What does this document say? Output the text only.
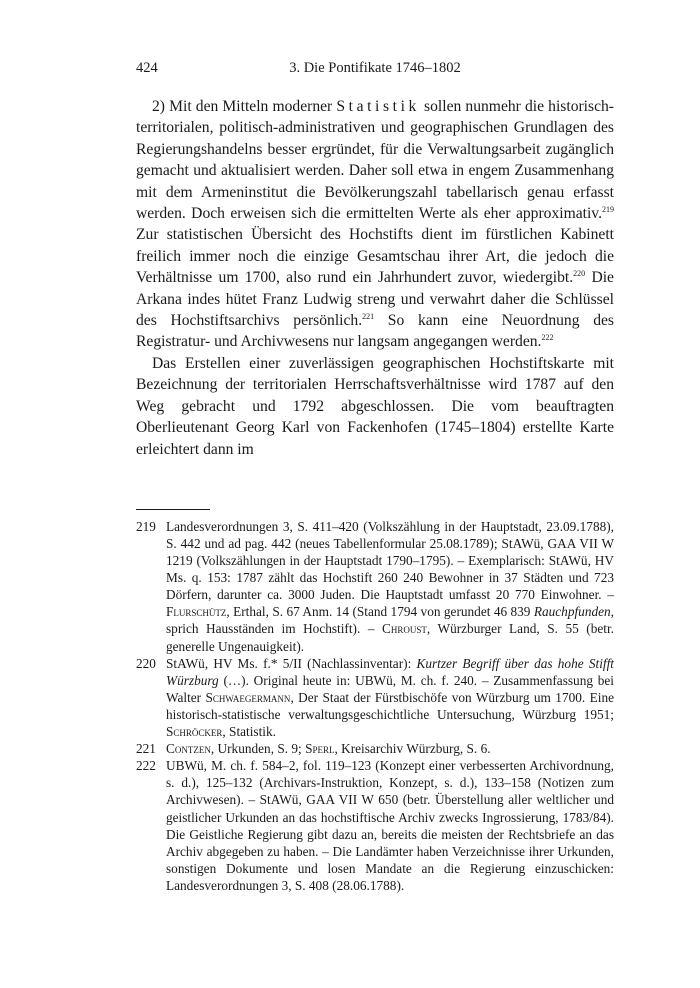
424	3. Die Pontifikate 1746–1802

2) Mit den Mitteln moderner Statistik sollen nunmehr die historisch-territorialen, politisch-administrativen und geographischen Grundlagen des Regierungshandelns besser ergründet, für die Verwaltungsarbeit zugänglich gemacht und aktualisiert werden. Daher soll etwa in engem Zusammenhang mit dem Armeninstitut die Bevölkerungszahl tabellarisch genau erfasst werden. Doch erweisen sich die ermittelten Werte als eher approximativ.$^{219}$ Zur statistischen Übersicht des Hochstifts dient im fürstlichen Kabinett freilich immer noch die einzige Gesamtschau ihrer Art, die jedoch die Verhältnisse um 1700, also rund ein Jahrhundert zuvor, wiedergibt.$^{220}$ Die Arkana indes hütet Franz Ludwig streng und verwahrt daher die Schlüssel des Hochstiftsarchivs persönlich.$^{221}$ So kann eine Neuordnung des Registratur- und Archivwesens nur langsam angegangen werden.$^{222}$

Das Erstellen einer zuverlässigen geographischen Hochstiftskarte mit Bezeichnung der territorialen Herrschaftsverhältnisse wird 1787 auf den Weg gebracht und 1792 abgeschlossen. Die vom beauftragten Oberlieutenant Georg Karl von Fackenhofen (1745–1804) erstellte Karte erleichtert dann im

219 Landesverordnungen 3, S. 411–420 (Volkszählung in der Hauptstadt, 23.09.1788), S. 442 und ad pag. 442 (neues Tabellenformular 25.08.1789); StAWü, GAA VII W 1219 (Volkszählungen in der Hauptstadt 1790–1795). – Exemplarisch: StAWü, HV Ms. q. 153: 1787 zählt das Hochstift 260 240 Bewohner in 37 Städten und 723 Dörfern, darunter ca. 3000 Juden. Die Hauptstadt umfasst 20 770 Einwohner. – Flurschütz, Erthal, S. 67 Anm. 14 (Stand 1794 von gerundet 46 839 Rauchpfunden, sprich Hausständen im Hochstift). – Chroust, Würzburger Land, S. 55 (betr. generelle Ungenauigkeit).
220 StAWü, HV Ms. f.* 5/II (Nachlassinventar): Kurtzer Begriff über das hohe Stifft Würzburg (…). Original heute in: UBWü, M. ch. f. 240. – Zusammenfassung bei Walter Schwaegermann, Der Staat der Fürstbischöfe von Würzburg um 1700. Eine historisch-statistische verwaltungsgeschichtliche Untersuchung, Würzburg 1951; Schröcker, Statistik.
221 Contzen, Urkunden, S. 9; Sperl, Kreisarchiv Würzburg, S. 6.
222 UBWü, M. ch. f. 584–2, fol. 119–123 (Konzept einer verbesserten Archivordnung, s. d.), 125–132 (Archivars-Instruktion, Konzept, s. d.), 133–158 (Notizen zum Archivwesen). – StAWü, GAA VII W 650 (betr. Überstellung aller weltlicher und geistlicher Urkunden an das hochstiftische Archiv zwecks Ingrossierung, 1783/84). Die Geistliche Regierung gibt dazu an, bereits die meisten der Rechtsbriefe an das Archiv abgegeben zu haben. – Die Landämter haben Verzeichnisse ihrer Urkunden, sonstigen Dokumente und losen Mandate an die Regierung einzuschicken: Landesverordnungen 3, S. 408 (28.06.1788).
